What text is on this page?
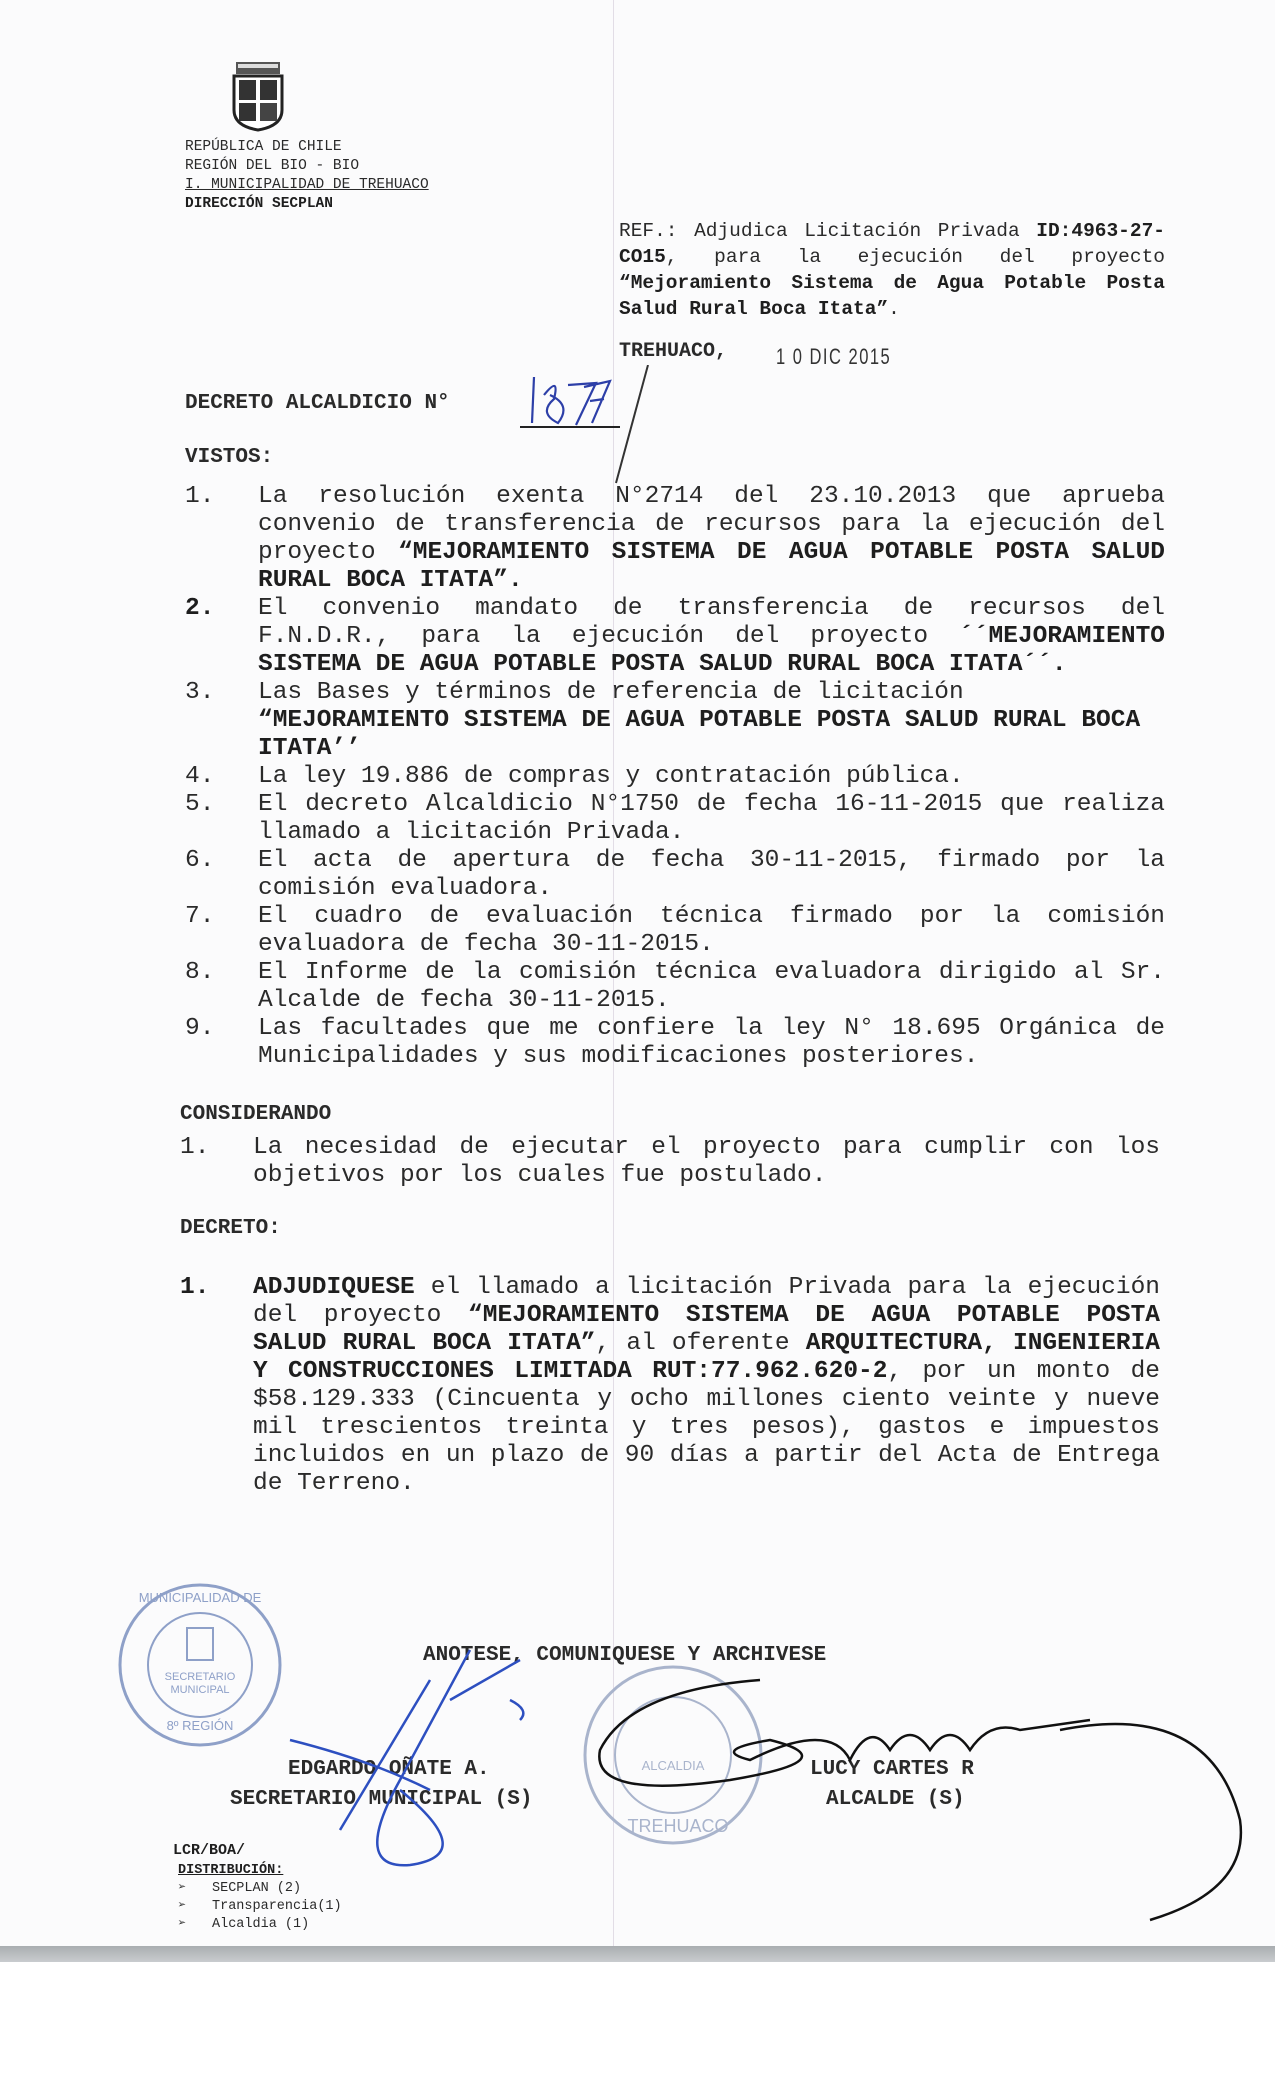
REPÚBLICA DE CHILE
REGIÓN DEL BIO - BIO
I. MUNICIPALIDAD DE TREHUACO
DIRECCIÓN SECPLAN
REF.: Adjudica Licitación Privada ID:4963-27-CO15, para la ejecución del proyecto “Mejoramiento Sistema de Agua Potable Posta Salud Rural Boca Itata”.
TREHUACO, 1 0 DIC 2015
DECRETO ALCALDICIO N°
VISTOS:
1.	La resolución exenta N°2714 del 23.10.2013 que aprueba convenio de transferencia de recursos para la ejecución del proyecto “MEJORAMIENTO SISTEMA DE AGUA POTABLE POSTA SALUD RURAL BOCA ITATA”.
2.	El convenio mandato de transferencia de recursos del F.N.D.R., para la ejecución del proyecto ´´MEJORAMIENTO SISTEMA DE AGUA POTABLE POSTA SALUD RURAL BOCA ITATA´´.
3.	Las Bases y términos de referencia de licitación
“MEJORAMIENTO SISTEMA DE AGUA POTABLE POSTA SALUD RURAL BOCA ITATA’’
4.	La ley 19.886 de compras y contratación pública.
5.	El decreto Alcaldicio N°1750 de fecha 16-11-2015 que realiza llamado a licitación Privada.
6.	El acta de apertura de fecha 30-11-2015, firmado por la comisión evaluadora.
7.	El cuadro de evaluación técnica firmado por la comisión evaluadora de fecha 30-11-2015.
8.	El Informe de la comisión técnica evaluadora dirigido al Sr. Alcalde de fecha 30-11-2015.
9.	Las facultades que me confiere la ley N° 18.695 Orgánica de Municipalidades y sus modificaciones posteriores.
CONSIDERANDO
1.	La necesidad de ejecutar el proyecto para cumplir con los objetivos por los cuales fue postulado.
DECRETO:
1.	ADJUDIQUESE el llamado a licitación Privada para la ejecución del proyecto “MEJORAMIENTO SISTEMA DE AGUA POTABLE POSTA SALUD RURAL BOCA ITATA”, al oferente ARQUITECTURA, INGENIERIA Y CONSTRUCCIONES LIMITADA RUT:77.962.620-2, por un monto de $58.129.333 (Cincuenta y ocho millones ciento veinte y nueve mil trescientos treinta y tres pesos), gastos e impuestos incluidos en un plazo de 90 días a partir del Acta de Entrega de Terreno.
SECRETARIO
MUNICIPAL
8º REGIÓN
MUNICIPALIDAD DE
ALCALDIA
TREHUACO
ANOTESE, COMUNIQUESE Y ARCHIVESE
EDGARDO OÑATE A.
SECRETARIO MUNICIPAL (S)
LUCY CARTES R
ALCALDE (S)
LCR/BOA/
DISTRIBUCIÓN:
➢ SECPLAN (2)
➢ Transparencia(1)
➢ Alcaldia (1)
